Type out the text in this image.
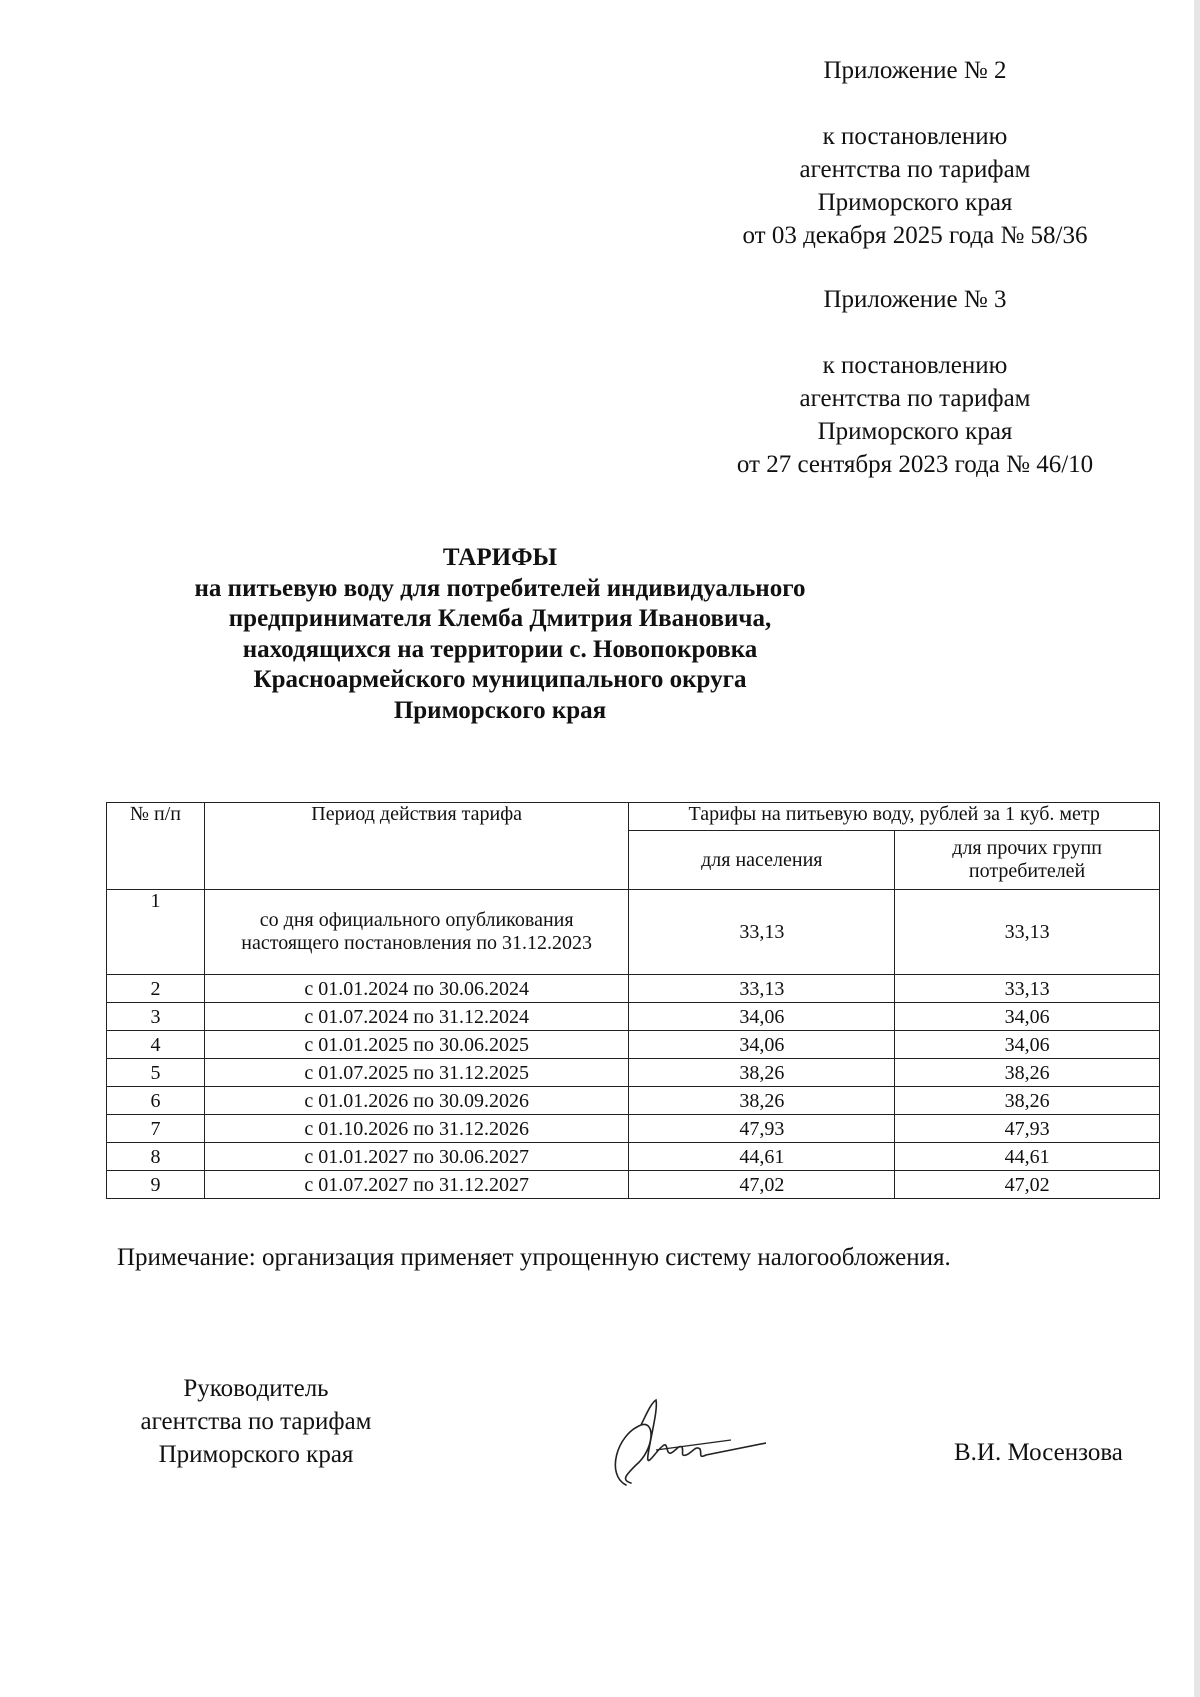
Приложение № 2
к постановлению
агентства по тарифам
Приморского края
от 03 декабря 2025 года № 58/36
Приложение № 3
к постановлению
агентства по тарифам
Приморского края
от 27 сентября 2023 года № 46/10
ТАРИФЫ
на питьевую воду для потребителей индивидуального
предпринимателя Клемба Дмитрия Ивановича,
находящихся на территории с. Новопокровка
Красноармейского муниципального округа
Приморского края
№ п/п	Период действия тарифа	Тарифы на питьевую воду, рублей за 1 куб. метр	
		для населения	для прочих групп потребителей
1	со дня официального опубликования настоящего постановления по 31.12.2023	33,13	33,13
2	с 01.01.2024 по 30.06.2024	33,13	33,13
3	с 01.07.2024 по 31.12.2024	34,06	34,06
4	с 01.01.2025 по 30.06.2025	34,06	34,06
5	с 01.07.2025 по 31.12.2025	38,26	38,26
6	с 01.01.2026 по 30.09.2026	38,26	38,26
7	с 01.10.2026 по 31.12.2026	47,93	47,93
8	с 01.01.2027 по 30.06.2027	44,61	44,61
9	с 01.07.2027 по 31.12.2027	47,02	47,02
Примечание: организация применяет упрощенную систему налогообложения.
Руководитель
агентства по тарифам
Приморского края	В.И. Мосензова
